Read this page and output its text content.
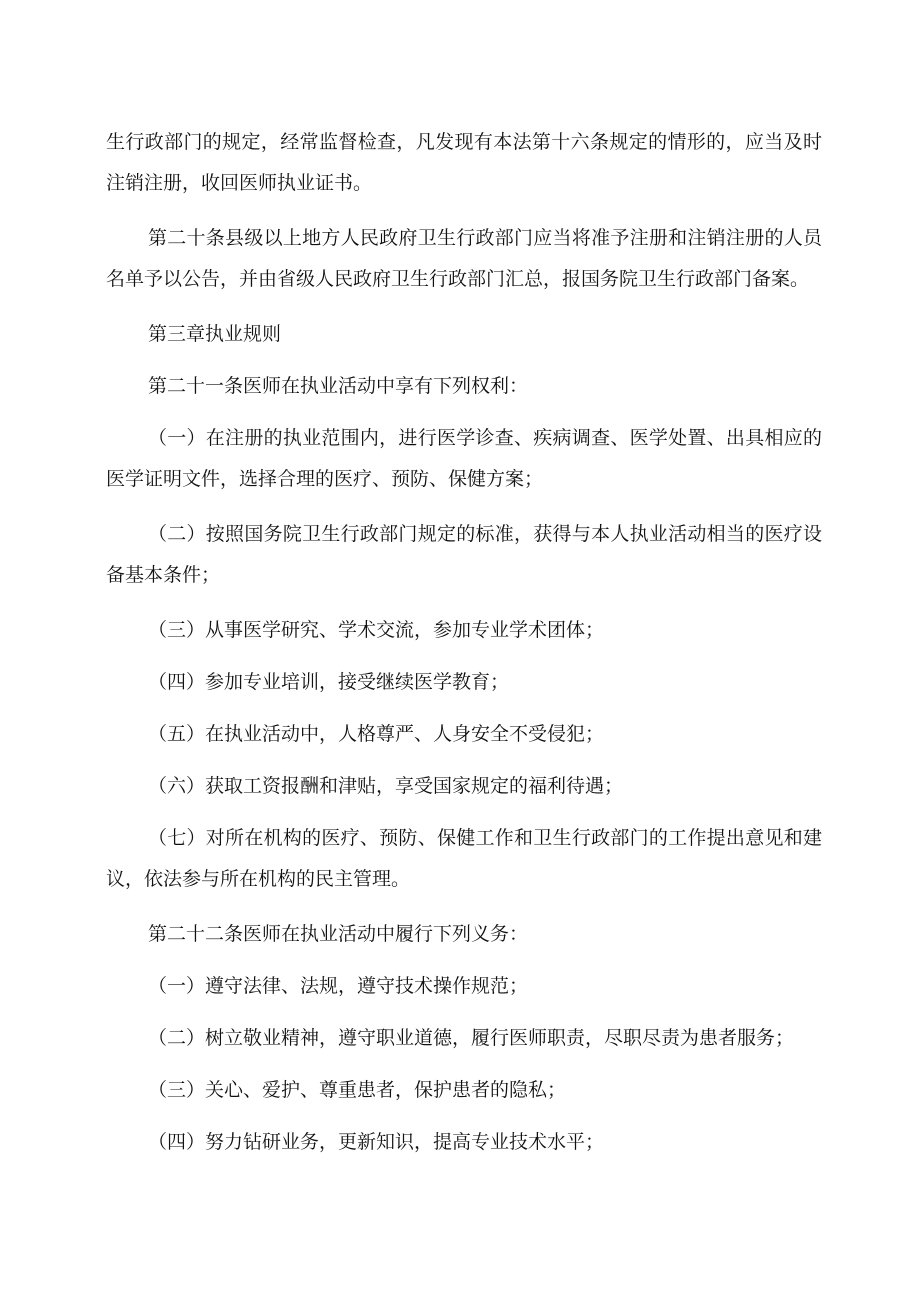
生行政部门的规定，经常监督检查，凡发现有本法第十六条规定的情形的，应当及时注销注册，收回医师执业证书。

第二十条县级以上地方人民政府卫生行政部门应当将准予注册和注销注册的人员名单予以公告，并由省级人民政府卫生行政部门汇总，报国务院卫生行政部门备案。

第三章执业规则

第二十一条医师在执业活动中享有下列权利：

（一）在注册的执业范围内，进行医学诊查、疾病调查、医学处置、出具相应的医学证明文件，选择合理的医疗、预防、保健方案；

（二）按照国务院卫生行政部门规定的标准，获得与本人执业活动相当的医疗设备基本条件；

（三）从事医学研究、学术交流，参加专业学术团体；

（四）参加专业培训，接受继续医学教育；

（五）在执业活动中，人格尊严、人身安全不受侵犯；

（六）获取工资报酬和津贴，享受国家规定的福利待遇；

（七）对所在机构的医疗、预防、保健工作和卫生行政部门的工作提出意见和建议，依法参与所在机构的民主管理。

第二十二条医师在执业活动中履行下列义务：

（一）遵守法律、法规，遵守技术操作规范；

（二）树立敬业精神，遵守职业道德，履行医师职责，尽职尽责为患者服务；

（三）关心、爱护、尊重患者，保护患者的隐私；

（四）努力钻研业务，更新知识，提高专业技术水平；
